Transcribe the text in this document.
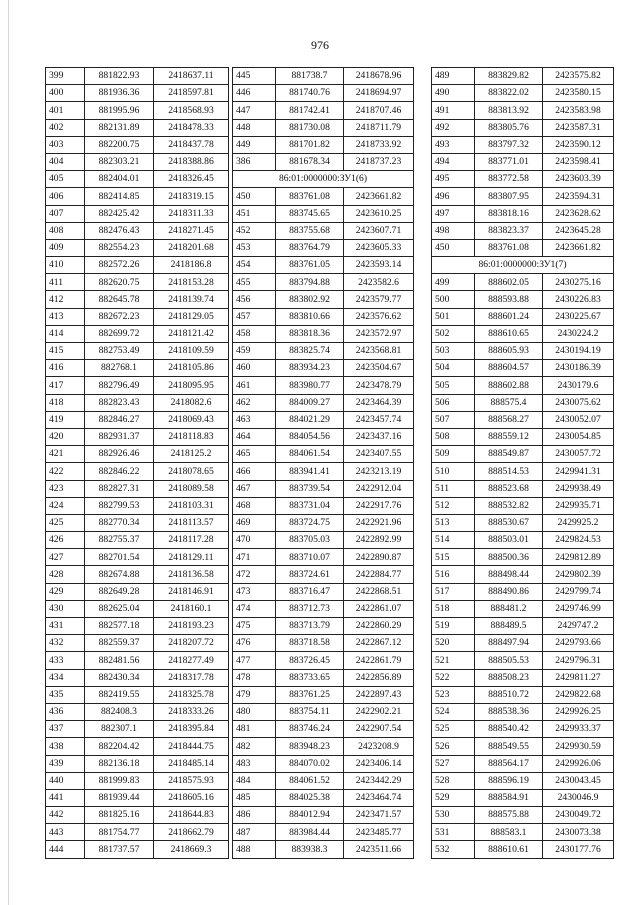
976
399	881822.93	2418637.11
400	881936.36	2418597.81
401	881995.96	2418568.93
402	882131.89	2418478.33
403	882200.75	2418437.78
404	882303.21	2418388.86
405	882404.01	2418326.45
406	882414.85	2418319.15
407	882425.42	2418311.33
408	882476.43	2418271.45
409	882554.23	2418201.68
410	882572.26	2418186.8
411	882620.75	2418153.28
412	882645.78	2418139.74
413	882672.23	2418129.05
414	882699.72	2418121.42
415	882753.49	2418109.59
416	882768.1	2418105.86
417	882796.49	2418095.95
418	882823.43	2418082.6
419	882846.27	2418069.43
420	882931.37	2418118.83
421	882926.46	2418125.2
422	882846.22	2418078.65
423	882827.31	2418089.58
424	882799.53	2418103.31
425	882770.34	2418113.57
426	882755.37	2418117.28
427	882701.54	2418129.11
428	882674.88	2418136.58
429	882649.28	2418146.91
430	882625.04	2418160.1
431	882577.18	2418193.23
432	882559.37	2418207.72
433	882481.56	2418277.49
434	882430.34	2418317.78
435	882419.55	2418325.78
436	882408.3	2418333.26
437	882307.1	2418395.84
438	882204.42	2418444.75
439	882136.18	2418485.14
440	881999.83	2418575.93
441	881939.44	2418605.16
442	881825.16	2418644.83
443	881754.77	2418662.79
444	881737.57	2418669.3
445	881738.7	2418678.96
446	881740.76	2418694.97
447	881742.41	2418707.46
448	881730.08	2418711.79
449	881701.82	2418733.92
386	881678.34	2418737.23
86:01:0000000:ЗУ1(6)		
450	883761.08	2423661.82
451	883745.65	2423610.25
452	883755.68	2423607.71
453	883764.79	2423605.33
454	883761.05	2423593.14
455	883794.88	2423582.6
456	883802.92	2423579.77
457	883810.66	2423576.62
458	883818.36	2423572.97
459	883825.74	2423568.81
460	883934.23	2423504.67
461	883980.77	2423478.79
462	884009.27	2423464.39
463	884021.29	2423457.74
464	884054.56	2423437.16
465	884061.54	2423407.55
466	883941.41	2423213.19
467	883739.54	2422912.04
468	883731.04	2422917.76
469	883724.75	2422921.96
470	883705.03	2422892.99
471	883710.07	2422890.87
472	883724.61	2422884.77
473	883716.47	2422868.51
474	883712.73	2422861.07
475	883713.79	2422860.29
476	883718.58	2422867.12
477	883726.45	2422861.79
478	883733.65	2422856.89
479	883761.25	2422897.43
480	883754.11	2422902.21
481	883746.24	2422907.54
482	883948.23	2423208.9
483	884070.02	2423406.14
484	884061.52	2423442.29
485	884025.38	2423464.74
486	884012.94	2423471.57
487	883984.44	2423485.77
488	883938.3	2423511.66
489	883829.82	2423575.82
490	883822.02	2423580.15
491	883813.92	2423583.98
492	883805.76	2423587.31
493	883797.32	2423590.12
494	883771.01	2423598.41
495	883772.58	2423603.39
496	883807.95	2423594.31
497	883818.16	2423628.62
498	883823.37	2423645.28
450	883761.08	2423661.82
86:01:0000000:ЗУ1(7)		
499	888602.05	2430275.16
500	888593.88	2430226.83
501	888601.24	2430225.67
502	888610.65	2430224.2
503	888605.93	2430194.19
504	888604.57	2430186.39
505	888602.88	2430179.6
506	888575.4	2430075.62
507	888568.27	2430052.07
508	888559.12	2430054.85
509	888549.87	2430057.72
510	888514.53	2429941.31
511	888523.68	2429938.49
512	888532.82	2429935.71
513	888530.67	2429925.2
514	888503.01	2429824.53
515	888500.36	2429812.89
516	888498.44	2429802.39
517	888490.86	2429799.74
518	888481.2	2429746.99
519	888489.5	2429747.2
520	888497.94	2429793.66
521	888505.53	2429796.31
522	888508.23	2429811.27
523	888510.72	2429822.68
524	888538.36	2429926.25
525	888540.42	2429933.37
526	888549.55	2429930.59
527	888564.17	2429926.06
528	888596.19	2430043.45
529	888584.91	2430046.9
530	888575.88	2430049.72
531	888583.1	2430073.38
532	888610.61	2430177.76
